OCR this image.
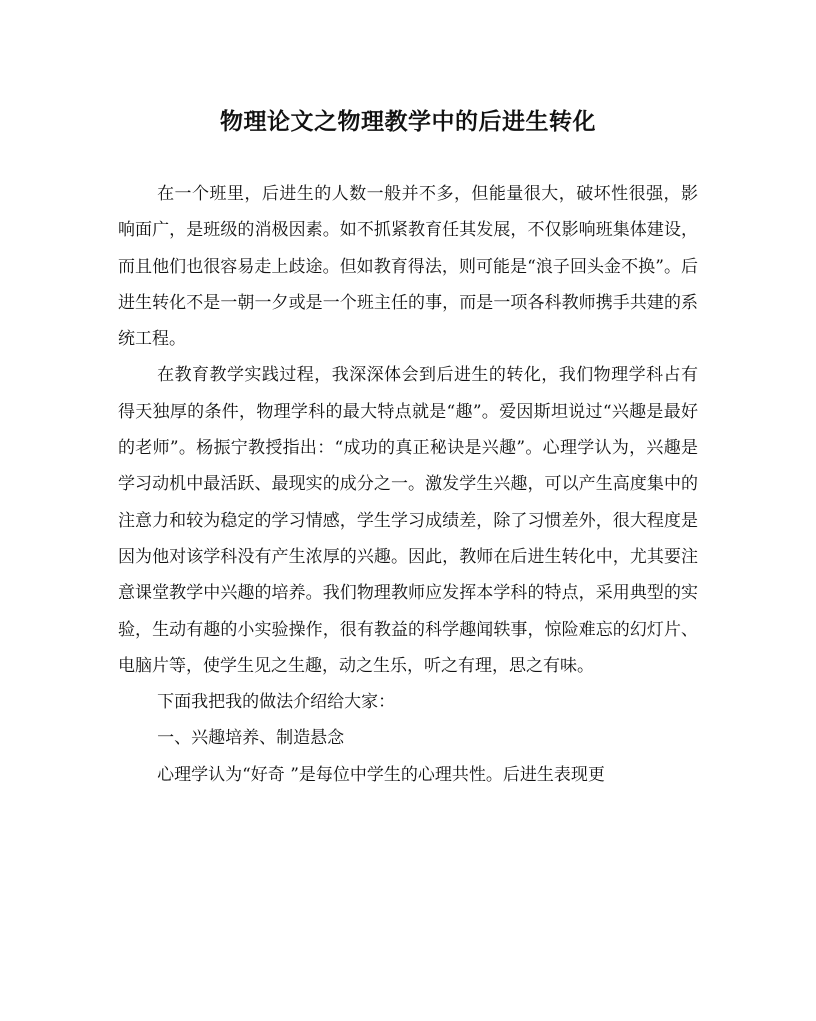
物理论文之物理教学中的后进生转化

在一个班里，后进生的人数一般并不多，但能量很大，破坏性很强，影响面广，是班级的消极因素。如不抓紧教育任其发展，不仅影响班集体建设，而且他们也很容易走上歧途。但如教育得法，则可能是“浪子回头金不换”。后进生转化不是一朝一夕或是一个班主任的事，而是一项各科教师携手共建的系统工程。

在教育教学实践过程，我深深体会到后进生的转化，我们物理学科占有得天独厚的条件，物理学科的最大特点就是“趣”。爱因斯坦说过“兴趣是最好的老师”。杨振宁教授指出：“成功的真正秘诀是兴趣”。心理学认为，兴趣是学习动机中最活跃、最现实的成分之一。激发学生兴趣，可以产生高度集中的注意力和较为稳定的学习情感，学生学习成绩差，除了习惯差外，很大程度是因为他对该学科没有产生浓厚的兴趣。因此，教师在后进生转化中，尤其要注意课堂教学中兴趣的培养。我们物理教师应发挥本学科的特点，采用典型的实验，生动有趣的小实验操作，很有教益的科学趣闻轶事，惊险难忘的幻灯片、电脑片等，使学生见之生趣，动之生乐，听之有理，思之有味。

下面我把我的做法介绍给大家：

一、兴趣培养、制造悬念

心理学认为“好奇 ”是每位中学生的心理共性。后进生表现更
